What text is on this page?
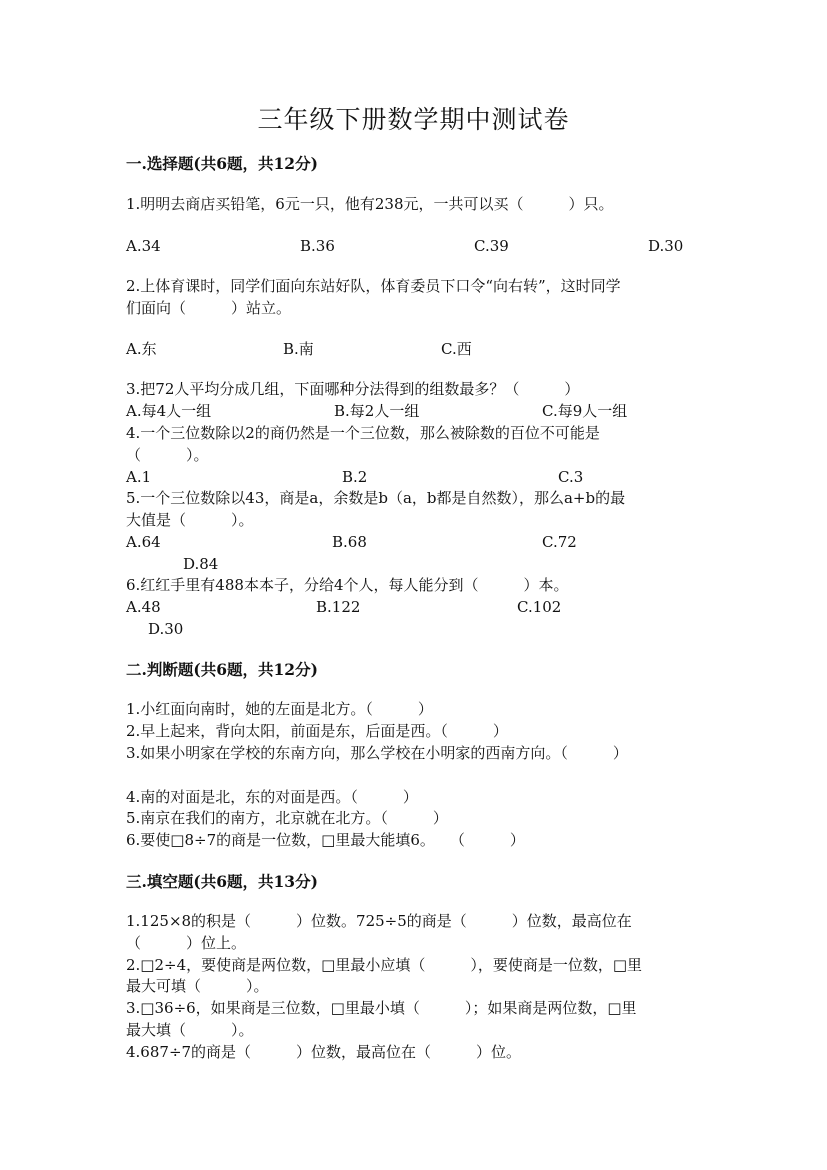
三年级下册数学期中测试卷
一.选择题(共6题，共12分)
1.明明去商店买铅笔，6元一只，他有238元，一共可以买（　　　）只。
A.34	B.36	C.39	D.30
2.上体育课时，同学们面向东站好队，体育委员下口令“向右转”，这时同学
们面向（　　　）站立。
A.东	B.南	C.西
3.把72人平均分成几组，下面哪种分法得到的组数最多？（　　　）
A.每4人一组	B.每2人一组	C.每9人一组
4.一个三位数除以2的商仍然是一个三位数，那么被除数的百位不可能是
（　　　）。
A.1	B.2	C.3
5.一个三位数除以43，商是a，余数是b（a，b都是自然数），那么a+b的最
大值是（　　　）。
A.64	B.68	C.72
D.84
6.红红手里有488本本子，分给4个人，每人能分到（　　　）本。
A.48	B.122	C.102
D.30
二.判断题(共6题，共12分)
1.小红面向南时，她的左面是北方。（　　　）
2.早上起来，背向太阳，前面是东，后面是西。（　　　）
3.如果小明家在学校的东南方向，那么学校在小明家的西南方向。（　　　）
4.南的对面是北，东的对面是西。（　　　）
5.南京在我们的南方，北京就在北方。（　　　）
6.要使□8÷7的商是一位数，□里最大能填6。　　（　　　）
三.填空题(共6题，共13分)
1.125×8的积是（　　　）位数。725÷5的商是（　　　）位数，最高位在
（　　　）位上。
2.□2÷4，要使商是两位数，□里最小应填（　　　），要使商是一位数，□里
最大可填（　　　）。
3.□36÷6，如果商是三位数，□里最小填（　　　）；如果商是两位数，□里
最大填（　　　）。
4.687÷7的商是（　　　）位数，最高位在（　　　）位。
